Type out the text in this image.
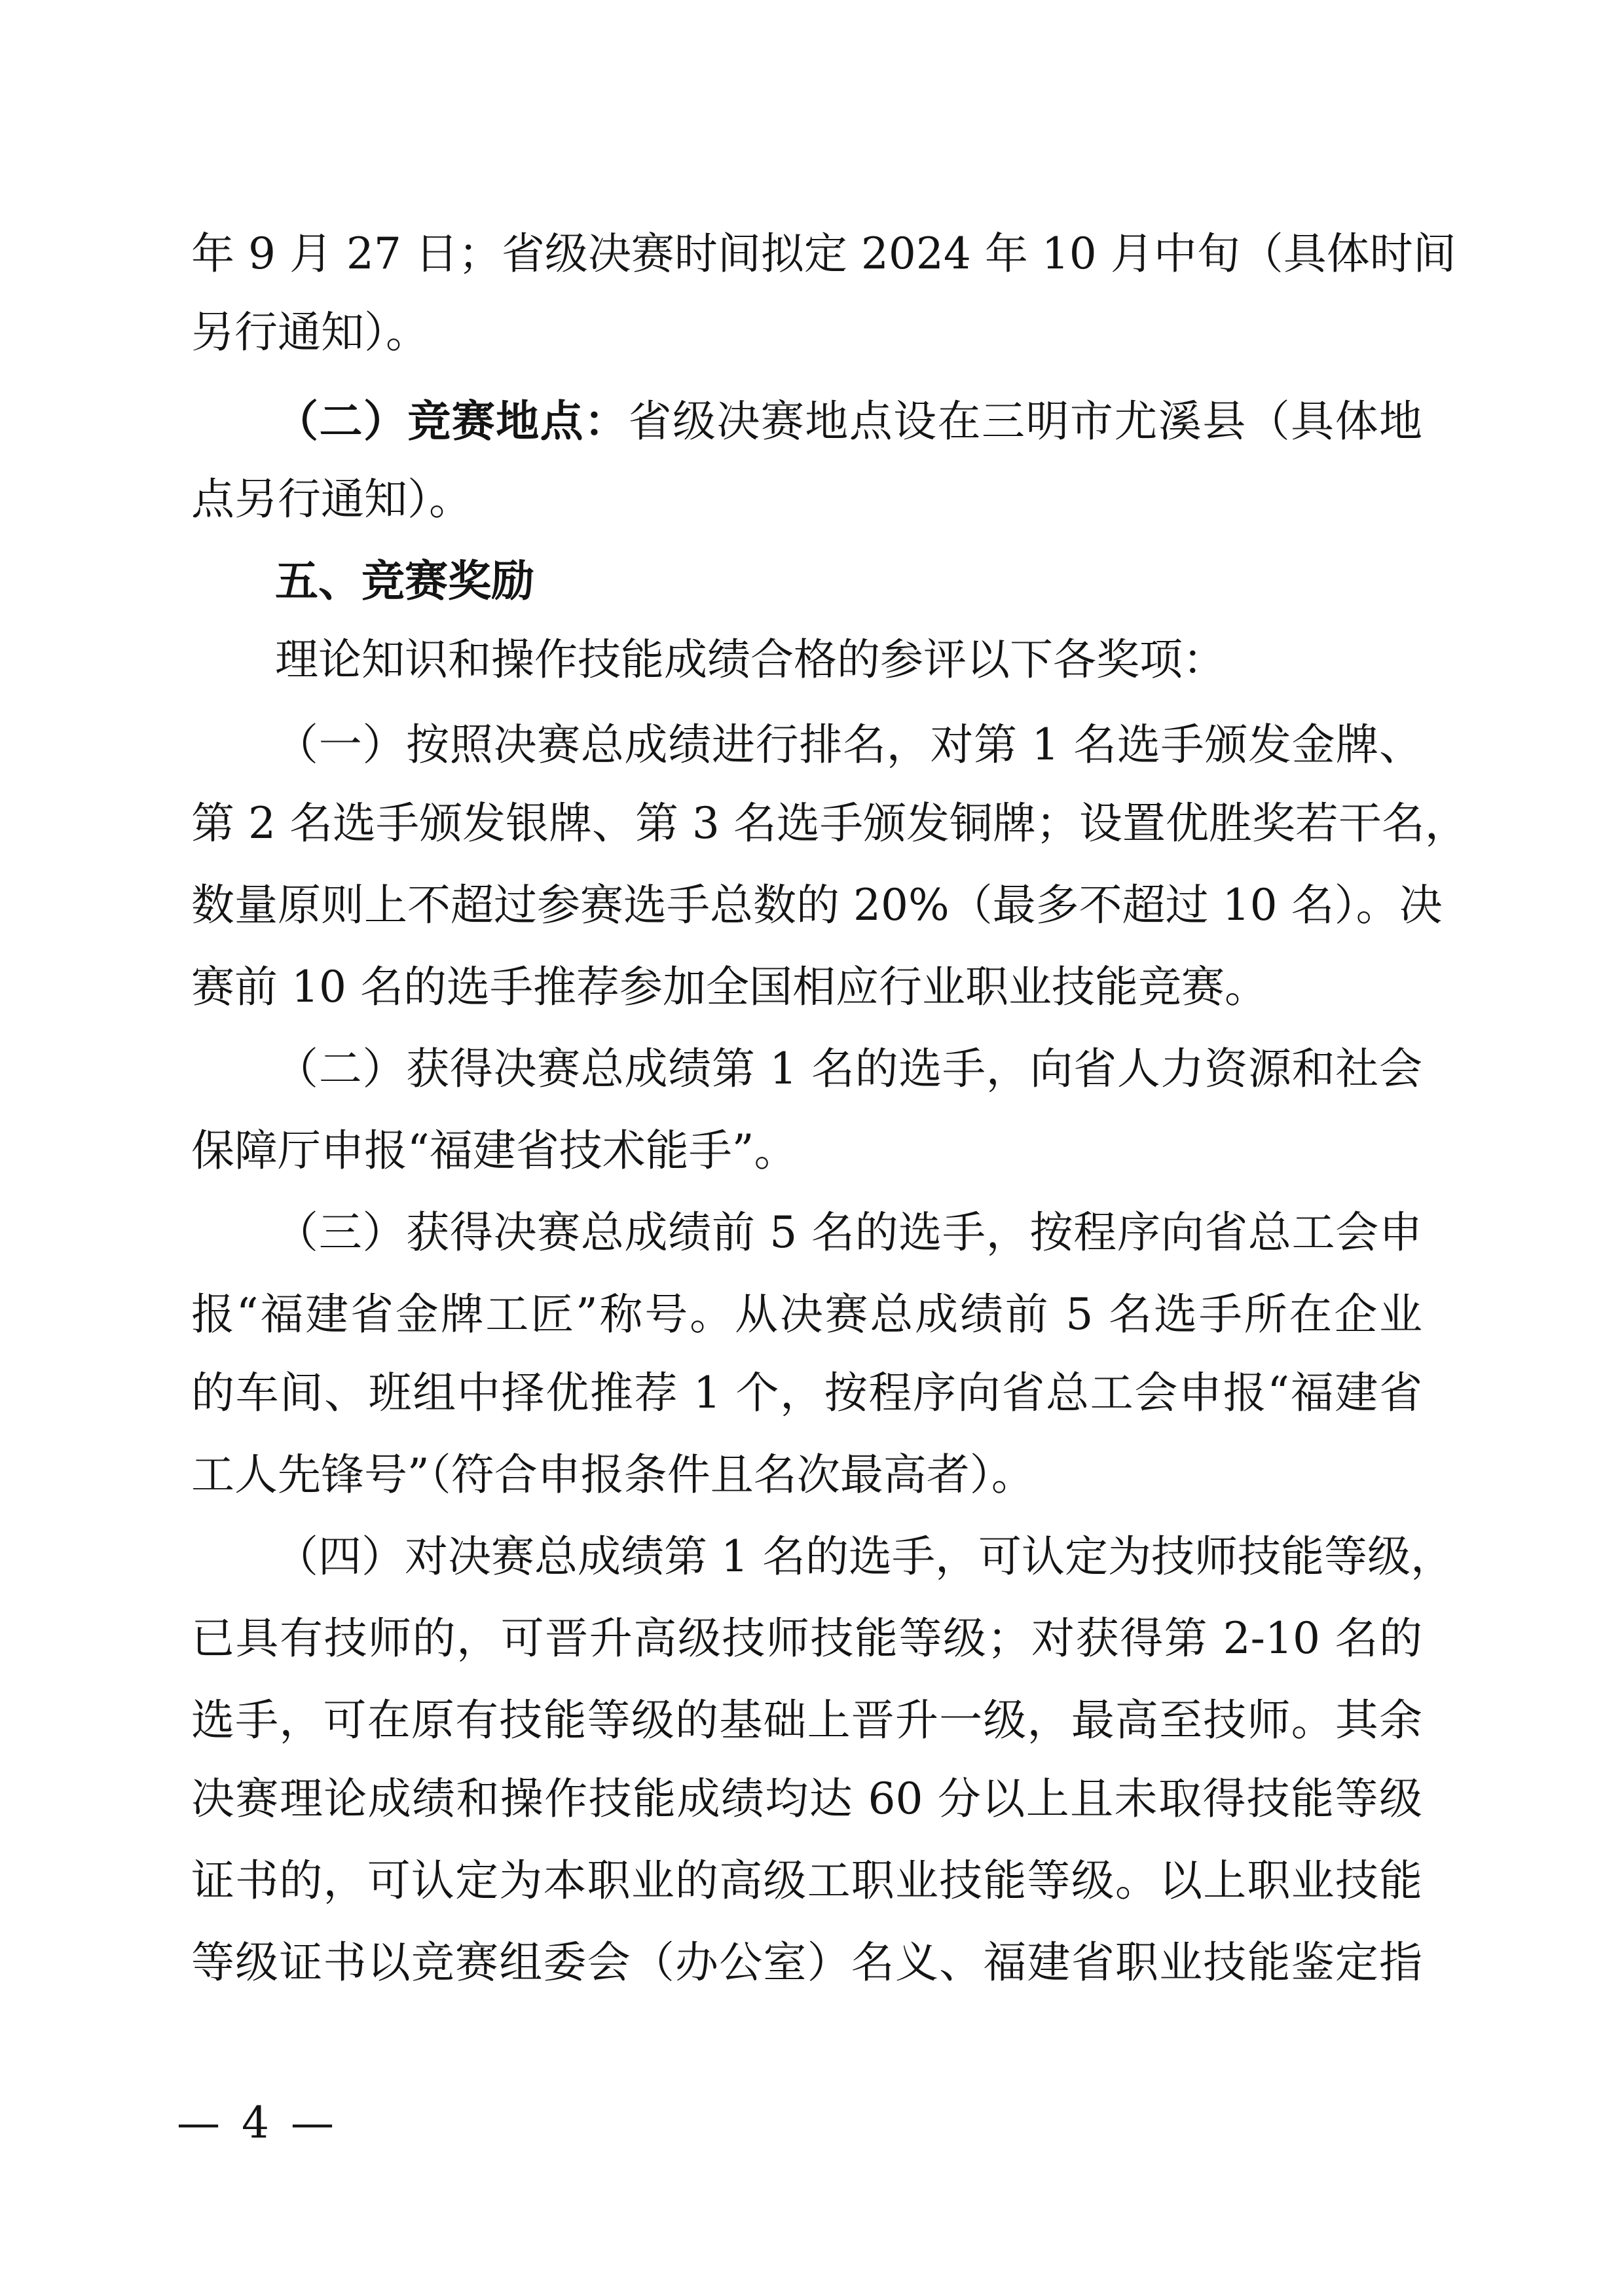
年 9 月 27 日；省级决赛时间拟定 2024 年 10 月中旬（具体时间
另行通知）。
（二）竞赛地点：省级决赛地点设在三明市尤溪县（具体地
点另行通知）。
五、竞赛奖励
理论知识和操作技能成绩合格的参评以下各奖项：
（一）按照决赛总成绩进行排名，对第 1 名选手颁发金牌、
第 2 名选手颁发银牌、第 3 名选手颁发铜牌；设置优胜奖若干名，
数量原则上不超过参赛选手总数的 20%（最多不超过 10 名）。决
赛前 10 名的选手推荐参加全国相应行业职业技能竞赛。
（二）获得决赛总成绩第 1 名的选手，向省人力资源和社会
保障厅申报“福建省技术能手”。
（三）获得决赛总成绩前 5 名的选手，按程序向省总工会申
报“福建省金牌工匠”称号。从决赛总成绩前 5 名选手所在企业
的车间、班组中择优推荐 1 个，按程序向省总工会申报“福建省
工人先锋号”（符合申报条件且名次最高者）。
（四）对决赛总成绩第 1 名的选手，可认定为技师技能等级，
已具有技师的，可晋升高级技师技能等级；对获得第 2-10 名的
选手，可在原有技能等级的基础上晋升一级，最高至技师。其余
决赛理论成绩和操作技能成绩均达 60 分以上且未取得技能等级
证书的，可认定为本职业的高级工职业技能等级。以上职业技能
等级证书以竞赛组委会（办公室）名义、福建省职业技能鉴定指
— 4 —
